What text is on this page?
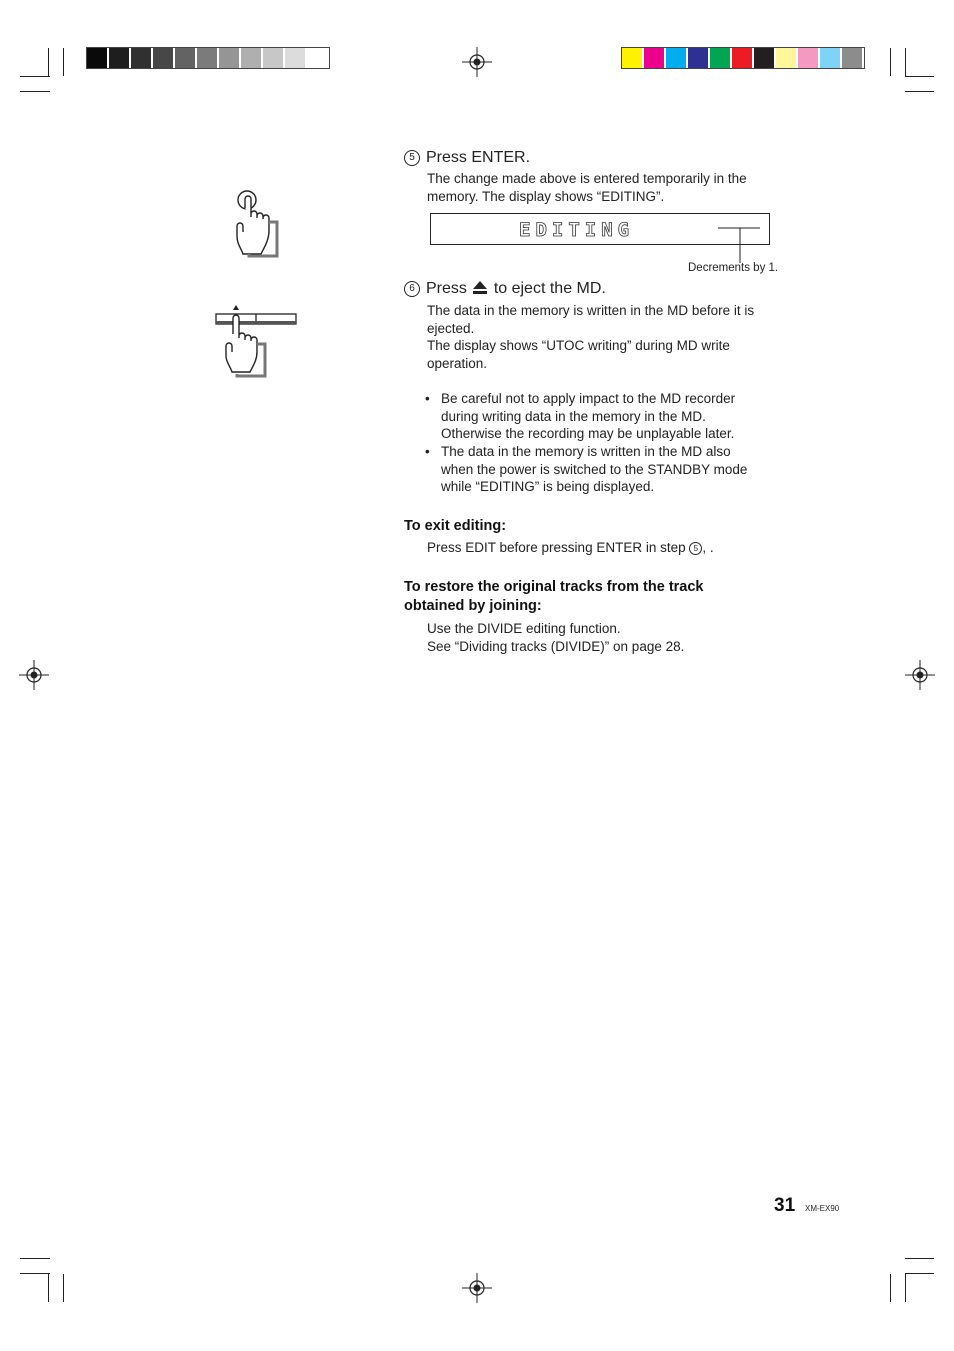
5 Press ENTER.
The change made above is entered temporarily in the
memory. The display shows “EDITING”.
EDITING
Decrements by 1.
6 Press to eject the MD.
The data in the memory is written in the MD before it is
ejected.
The display shows “UTOC writing” during MD write
operation.
• Be careful not to apply impact to the MD recorder
during writing data in the memory in the MD.
Otherwise the recording may be unplayable later.
• The data in the memory is written in the MD also
when the power is switched to the STANDBY mode
while “EDITING” is being displayed.
To exit editing:
Press EDIT before pressing ENTER in step 5 , .
To restore the original tracks from the track
obtained by joining:
Use the DIVIDE editing function.
See “Dividing tracks (DIVIDE)” on page 28.
31 XM-EX90
